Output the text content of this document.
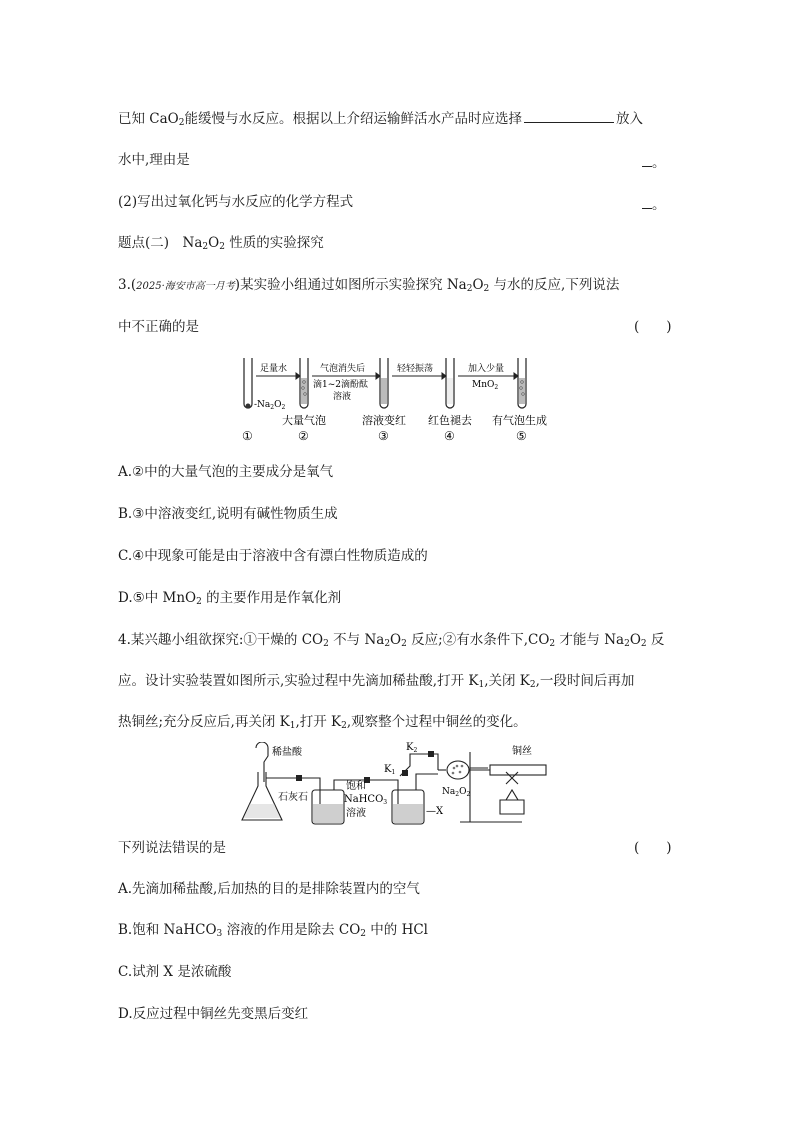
已知 CaO$_2$能缓慢与水反应。根据以上介绍运输鲜活水产品时应选择	放入
水中,理由是	。
(2)写出过氧化钙与水反应的化学方程式	。
题点(二)　$Na_2O_2$ 性质的实验探究
3.(2025·海安市高一月考)某实验小组通过如图所示实验探究 $Na_2O_2$ 与水的反应,下列说法
中不正确的是	(　　)
足量水	气泡消失后
滴1~2滴酚酞
溶液
轻轻振荡	加入少量
MnO$_2$
$-Na_2O_2$
大量气泡	溶液变红 红色褪去 有气泡生成
①	②	③	④	⑤
A.②中的大量气泡的主要成分是氧气
B.③中溶液变红,说明有碱性物质生成
C.④中现象可能是由于溶液中含有漂白性物质造成的
D.⑤中 MnO$_2$ 的主要作用是作氧化剂
4.某兴趣小组欲探究:①干燥的 $CO_2$ 不与 $Na_2O_2$ 反应;②有水条件下$,CO_2$ 才能与 $Na_2O_2$ 反
应。设计实验装置如图所示,实验过程中先滴加稀盐酸,打开 $K_1$,关闭 $K_2$,一段时间后再加
热铜丝;充分反应后,再关闭 $K_1$,打开 $K_2$,观察整个过程中铜丝的变化。
稀盐酸
石灰石
饱和
NaHCO$_3$
溶液
$K_2$
$K_1$
—X
$Na_2O_2$
铜丝
下列说法错误的是	(　　)
A.先滴加稀盐酸,后加热的目的是排除装置内的空气
B.饱和 NaHCO$_3$ 溶液的作用是除去 $CO_2$ 中的 HCl
C.试剂 X 是浓硫酸
D.反应过程中铜丝先变黑后变红
